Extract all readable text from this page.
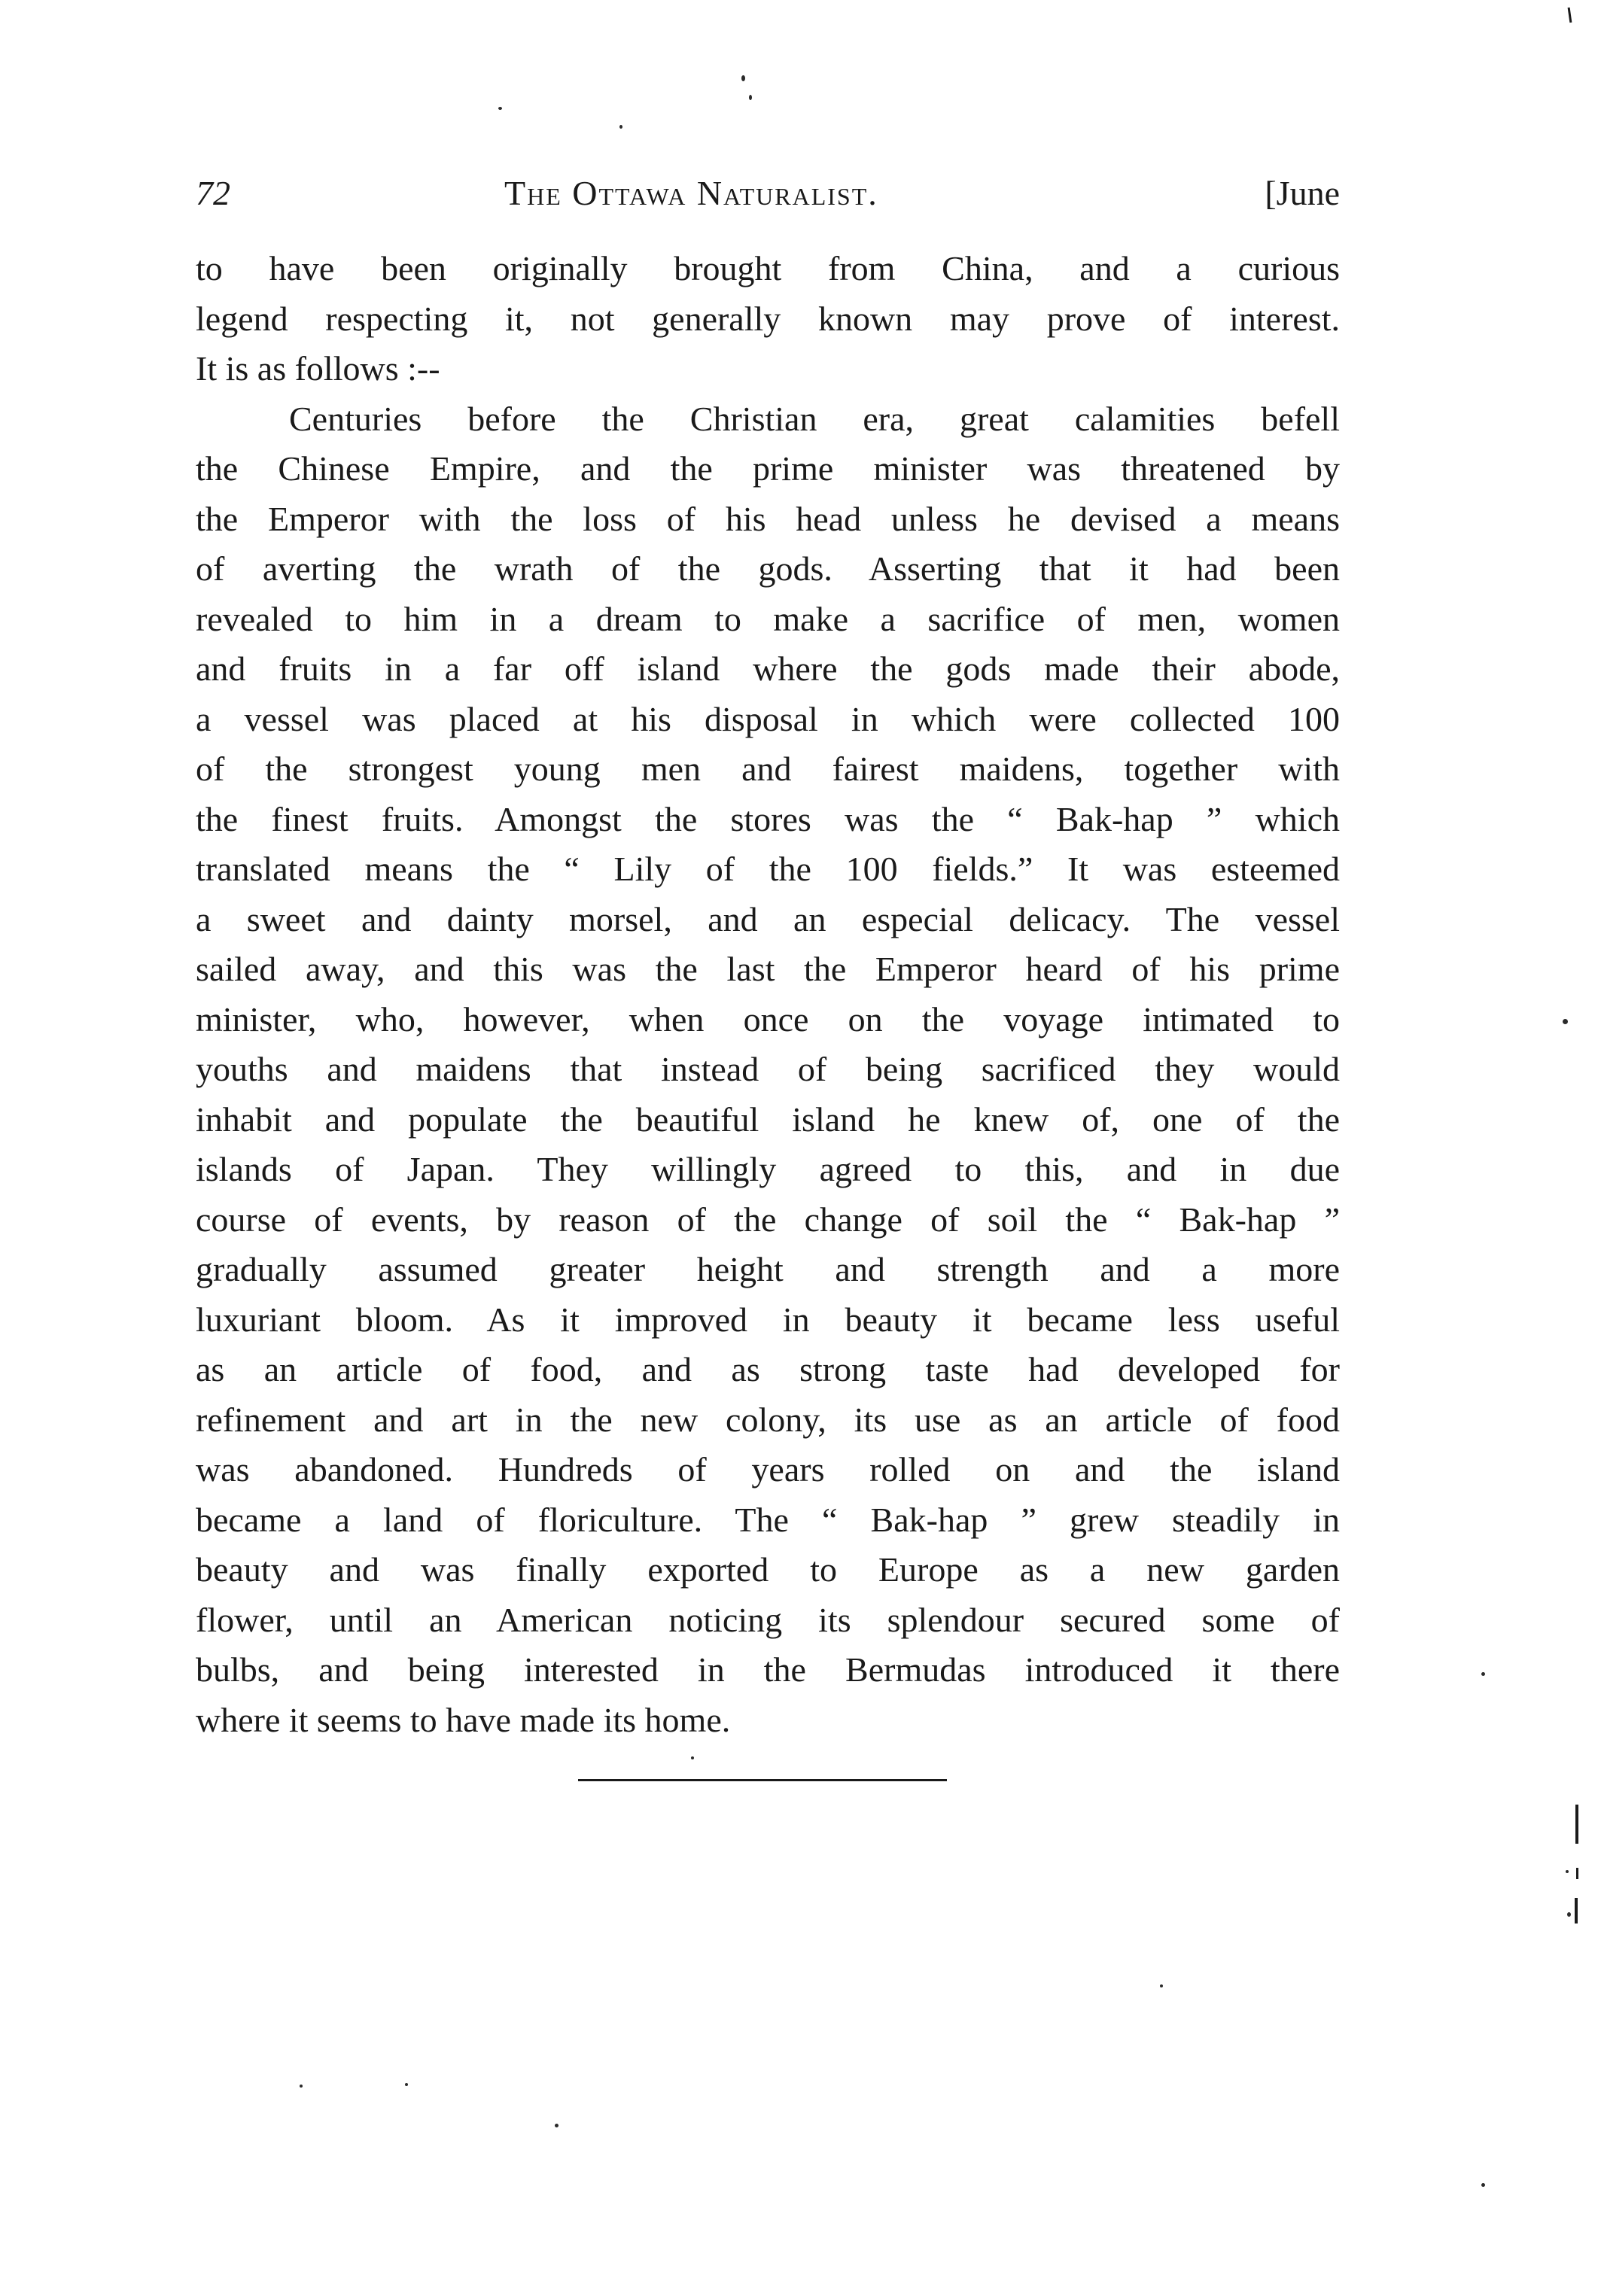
72	The Ottawa Naturalist.	[June
to have been originally brought from China, and a curious
legend respecting it, not generally known may prove of interest.
It is as follows :--
Centuries before the Christian era, great calamities befell
the Chinese Empire, and the prime minister was threatened by
the Emperor with the loss of his head unless he devised a means
of averting the wrath of the gods. Asserting that it had been
revealed to him in a dream to make a sacrifice of men, women
and fruits in a far off island where the gods made their abode,
a vessel was placed at his disposal in which were collected 100
of the strongest young men and fairest maidens, together with
the finest fruits. Amongst the stores was the “ Bak-hap ” which
translated means the “ Lily of the 100 fields.” It was esteemed
a sweet and dainty morsel, and an especial delicacy. The vessel
sailed away, and this was the last the Emperor heard of his prime
minister, who, however, when once on the voyage intimated to
youths and maidens that instead of being sacrificed they would
inhabit and populate the beautiful island he knew of, one of the
islands of Japan. They willingly agreed to this, and in due
course of events, by reason of the change of soil the “ Bak-hap ”
gradually assumed greater height and strength and a more
luxuriant bloom. As it improved in beauty it became less useful
as an article of food, and as strong taste had developed for
refinement and art in the new colony, its use as an article of food
was abandoned. Hundreds of years rolled on and the island
became a land of floriculture. The “ Bak-hap ” grew steadily in
beauty and was finally exported to Europe as a new garden
flower, until an American noticing its splendour secured some of
bulbs, and being interested in the Bermudas introduced it there
where it seems to have made its home.
